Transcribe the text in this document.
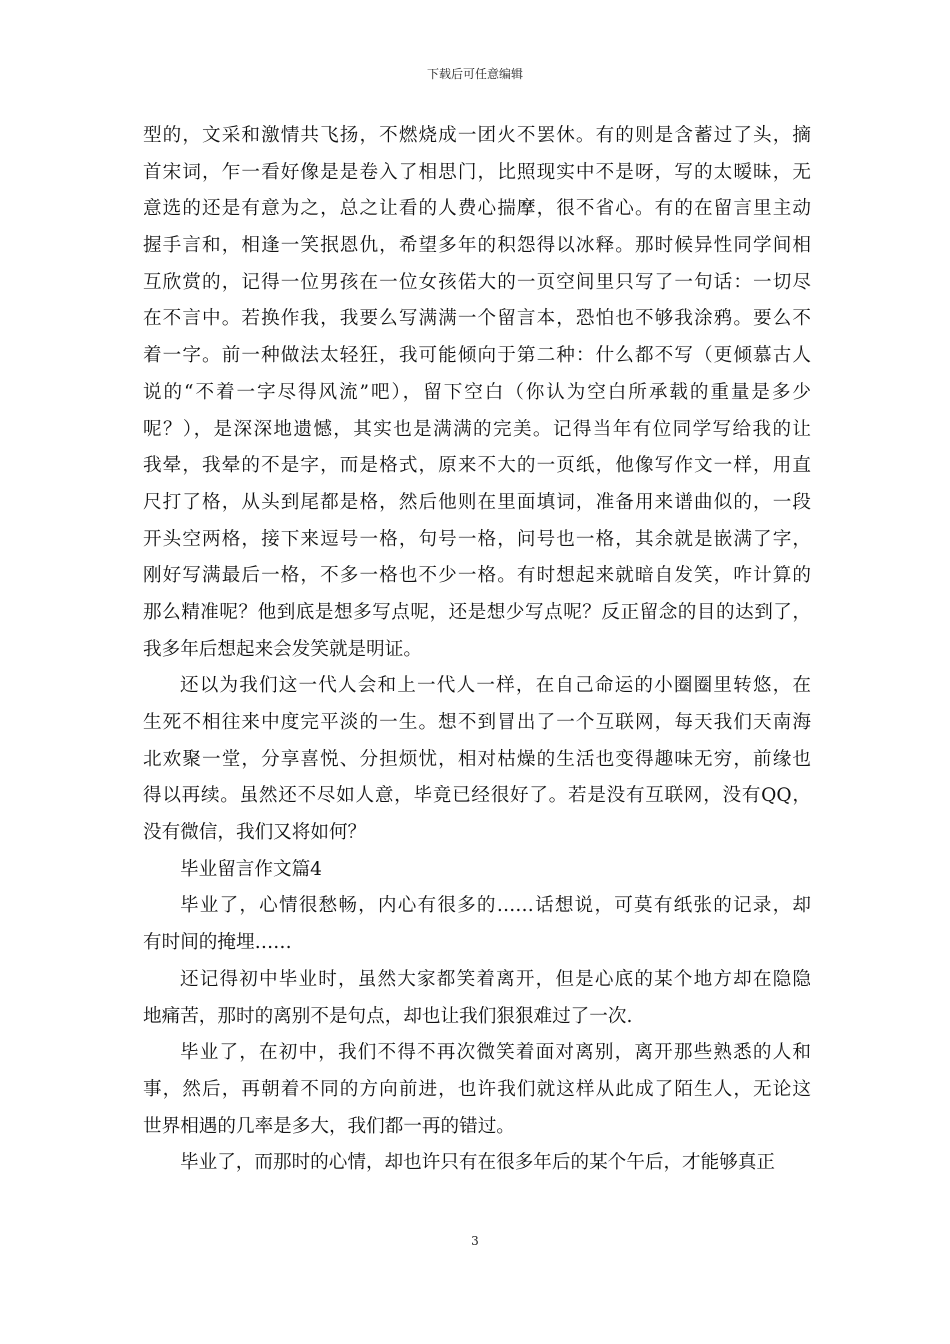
下载后可任意编辑
型的，文采和激情共飞扬，不燃烧成一团火不罢休。有的则是含蓄过了头，摘
首宋词，乍一看好像是是卷入了相思门，比照现实中不是呀，写的太暧昧，无
意选的还是有意为之，总之让看的人费心揣摩，很不省心。有的在留言里主动
握手言和，相逢一笑抿恩仇，希望多年的积怨得以冰释。那时候异性同学间相
互欣赏的，记得一位男孩在一位女孩偌大的一页空间里只写了一句话：一切尽
在不言中。若换作我，我要么写满满一个留言本，恐怕也不够我涂鸦。要么不
着一字。前一种做法太轻狂，我可能倾向于第二种：什么都不写（更倾慕古人
说的“不着一字尽得风流”吧），留下空白（你认为空白所承载的重量是多少
呢？），是深深地遗憾，其实也是满满的完美。记得当年有位同学写给我的让
我晕，我晕的不是字，而是格式，原来不大的一页纸，他像写作文一样，用直
尺打了格，从头到尾都是格，然后他则在里面填词，准备用来谱曲似的，一段
开头空两格，接下来逗号一格，句号一格，问号也一格，其余就是嵌满了字，
刚好写满最后一格，不多一格也不少一格。有时想起来就暗自发笑，咋计算的
那么精准呢？他到底是想多写点呢，还是想少写点呢？反正留念的目的达到了，
我多年后想起来会发笑就是明证。
还以为我们这一代人会和上一代人一样，在自己命运的小圈圈里转悠，在
生死不相往来中度完平淡的一生。想不到冒出了一个互联网，每天我们天南海
北欢聚一堂，分享喜悦、分担烦忧，相对枯燥的生活也变得趣味无穷，前缘也
得以再续。虽然还不尽如人意，毕竟已经很好了。若是没有互联网，没有QQ，
没有微信，我们又将如何？
毕业留言作文篇4
毕业了，心情很愁畅，内心有很多的……话想说，可莫有纸张的记录，却
有时间的掩埋……
还记得初中毕业时，虽然大家都笑着离开，但是心底的某个地方却在隐隐
地痛苦，那时的离别不是句点，却也让我们狠狠难过了一次.
毕业了，在初中，我们不得不再次微笑着面对离别，离开那些熟悉的人和
事，然后，再朝着不同的方向前进，也许我们就这样从此成了陌生人，无论这
世界相遇的几率是多大，我们都一再的错过。
毕业了，而那时的心情，却也许只有在很多年后的某个午后，才能够真正
3
